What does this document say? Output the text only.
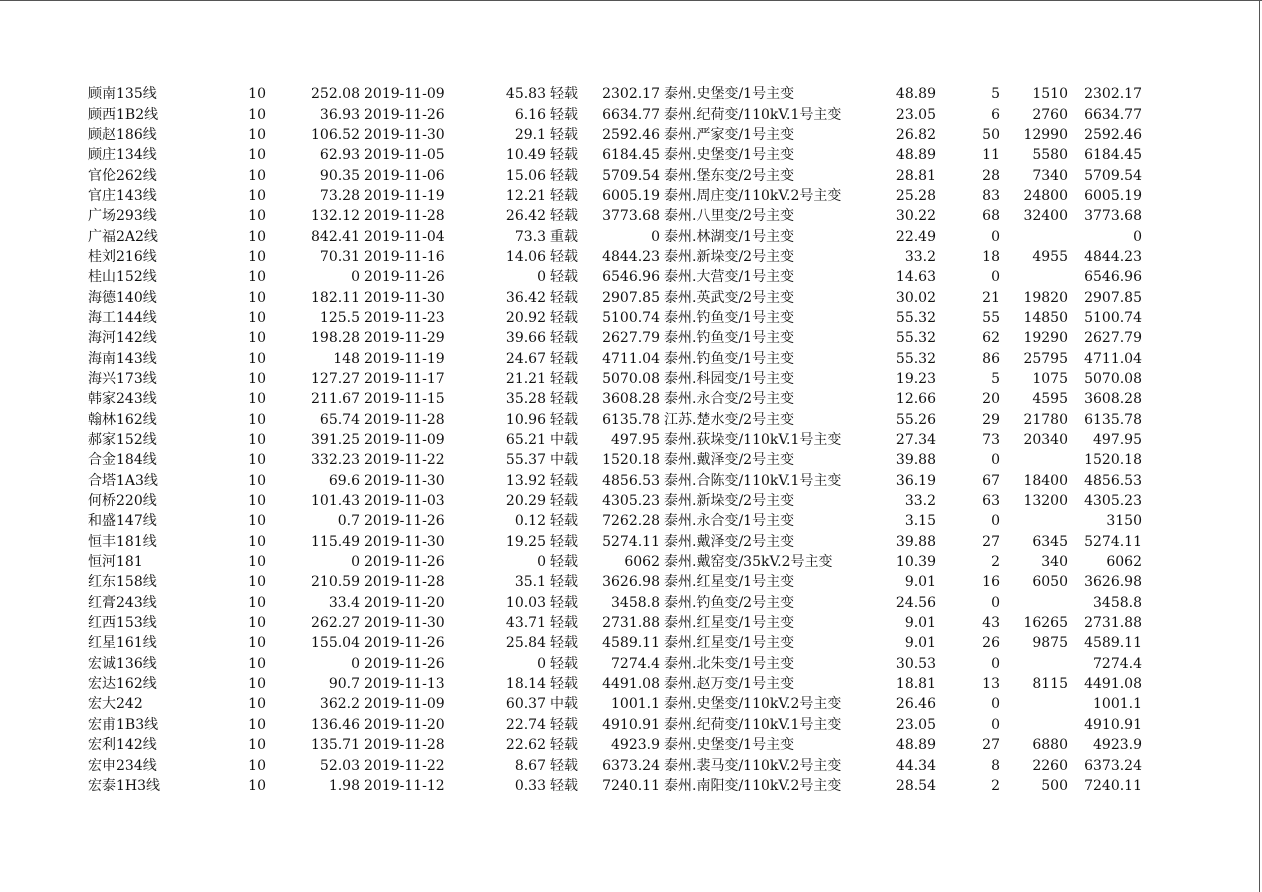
顾南135线	10	252.08	2019-11-09	45.83	轻载	2302.17	泰州.史堡变/1号主变	48.89	5	1510	2302.17
顾西1B2线	10	36.93	2019-11-26	6.16	轻载	6634.77	泰州.纪荷变/110kV.1号主变	23.05	6	2760	6634.77
顾赵186线	10	106.52	2019-11-30	29.1	轻载	2592.46	泰州.严家变/1号主变	26.82	50	12990	2592.46
顾庄134线	10	62.93	2019-11-05	10.49	轻载	6184.45	泰州.史堡变/1号主变	48.89	11	5580	6184.45
官伦262线	10	90.35	2019-11-06	15.06	轻载	5709.54	泰州.堡东变/2号主变	28.81	28	7340	5709.54
官庄143线	10	73.28	2019-11-19	12.21	轻载	6005.19	泰州.周庄变/110kV.2号主变	25.28	83	24800	6005.19
广场293线	10	132.12	2019-11-28	26.42	轻载	3773.68	泰州.八里变/2号主变	30.22	68	32400	3773.68
广福2A2线	10	842.41	2019-11-04	73.3	重载	0	泰州.林湖变/1号主变	22.49	0		0
桂刘216线	10	70.31	2019-11-16	14.06	轻载	4844.23	泰州.新垛变/2号主变	33.2	18	4955	4844.23
桂山152线	10	0	2019-11-26	0	轻载	6546.96	泰州.大营变/1号主变	14.63	0		6546.96
海德140线	10	182.11	2019-11-30	36.42	轻载	2907.85	泰州.英武变/2号主变	30.02	21	19820	2907.85
海工144线	10	125.5	2019-11-23	20.92	轻载	5100.74	泰州.钓鱼变/1号主变	55.32	55	14850	5100.74
海河142线	10	198.28	2019-11-29	39.66	轻载	2627.79	泰州.钓鱼变/1号主变	55.32	62	19290	2627.79
海南143线	10	148	2019-11-19	24.67	轻载	4711.04	泰州.钓鱼变/1号主变	55.32	86	25795	4711.04
海兴173线	10	127.27	2019-11-17	21.21	轻载	5070.08	泰州.科园变/1号主变	19.23	5	1075	5070.08
韩家243线	10	211.67	2019-11-15	35.28	轻载	3608.28	泰州.永合变/2号主变	12.66	20	4595	3608.28
翰林162线	10	65.74	2019-11-28	10.96	轻载	6135.78	江苏.楚水变/2号主变	55.26	29	21780	6135.78
郝家152线	10	391.25	2019-11-09	65.21	中载	497.95	泰州.荻垛变/110kV.1号主变	27.34	73	20340	497.95
合金184线	10	332.23	2019-11-22	55.37	中载	1520.18	泰州.戴泽变/2号主变	39.88	0		1520.18
合塔1A3线	10	69.6	2019-11-30	13.92	轻载	4856.53	泰州.合陈变/110kV.1号主变	36.19	67	18400	4856.53
何桥220线	10	101.43	2019-11-03	20.29	轻载	4305.23	泰州.新垛变/2号主变	33.2	63	13200	4305.23
和盛147线	10	0.7	2019-11-26	0.12	轻载	7262.28	泰州.永合变/1号主变	3.15	0		3150
恒丰181线	10	115.49	2019-11-30	19.25	轻载	5274.11	泰州.戴泽变/2号主变	39.88	27	6345	5274.11
恒河181	10	0	2019-11-26	0	轻载	6062	泰州.戴窑变/35kV.2号主变	10.39	2	340	6062
红东158线	10	210.59	2019-11-28	35.1	轻载	3626.98	泰州.红星变/1号主变	9.01	16	6050	3626.98
红膏243线	10	33.4	2019-11-20	10.03	轻载	3458.8	泰州.钓鱼变/2号主变	24.56	0		3458.8
红西153线	10	262.27	2019-11-30	43.71	轻载	2731.88	泰州.红星变/1号主变	9.01	43	16265	2731.88
红星161线	10	155.04	2019-11-26	25.84	轻载	4589.11	泰州.红星变/1号主变	9.01	26	9875	4589.11
宏诚136线	10	0	2019-11-26	0	轻载	7274.4	泰州.北朱变/1号主变	30.53	0		7274.4
宏达162线	10	90.7	2019-11-13	18.14	轻载	4491.08	泰州.赵万变/1号主变	18.81	13	8115	4491.08
宏大242	10	362.2	2019-11-09	60.37	中载	1001.1	泰州.史堡变/110kV.2号主变	26.46	0		1001.1
宏甫1B3线	10	136.46	2019-11-20	22.74	轻载	4910.91	泰州.纪荷变/110kV.1号主变	23.05	0		4910.91
宏利142线	10	135.71	2019-11-28	22.62	轻载	4923.9	泰州.史堡变/1号主变	48.89	27	6880	4923.9
宏申234线	10	52.03	2019-11-22	8.67	轻载	6373.24	泰州.裴马变/110kV.2号主变	44.34	8	2260	6373.24
宏泰1H3线	10	1.98	2019-11-12	0.33	轻载	7240.11	泰州.南阳变/110kV.2号主变	28.54	2	500	7240.11
